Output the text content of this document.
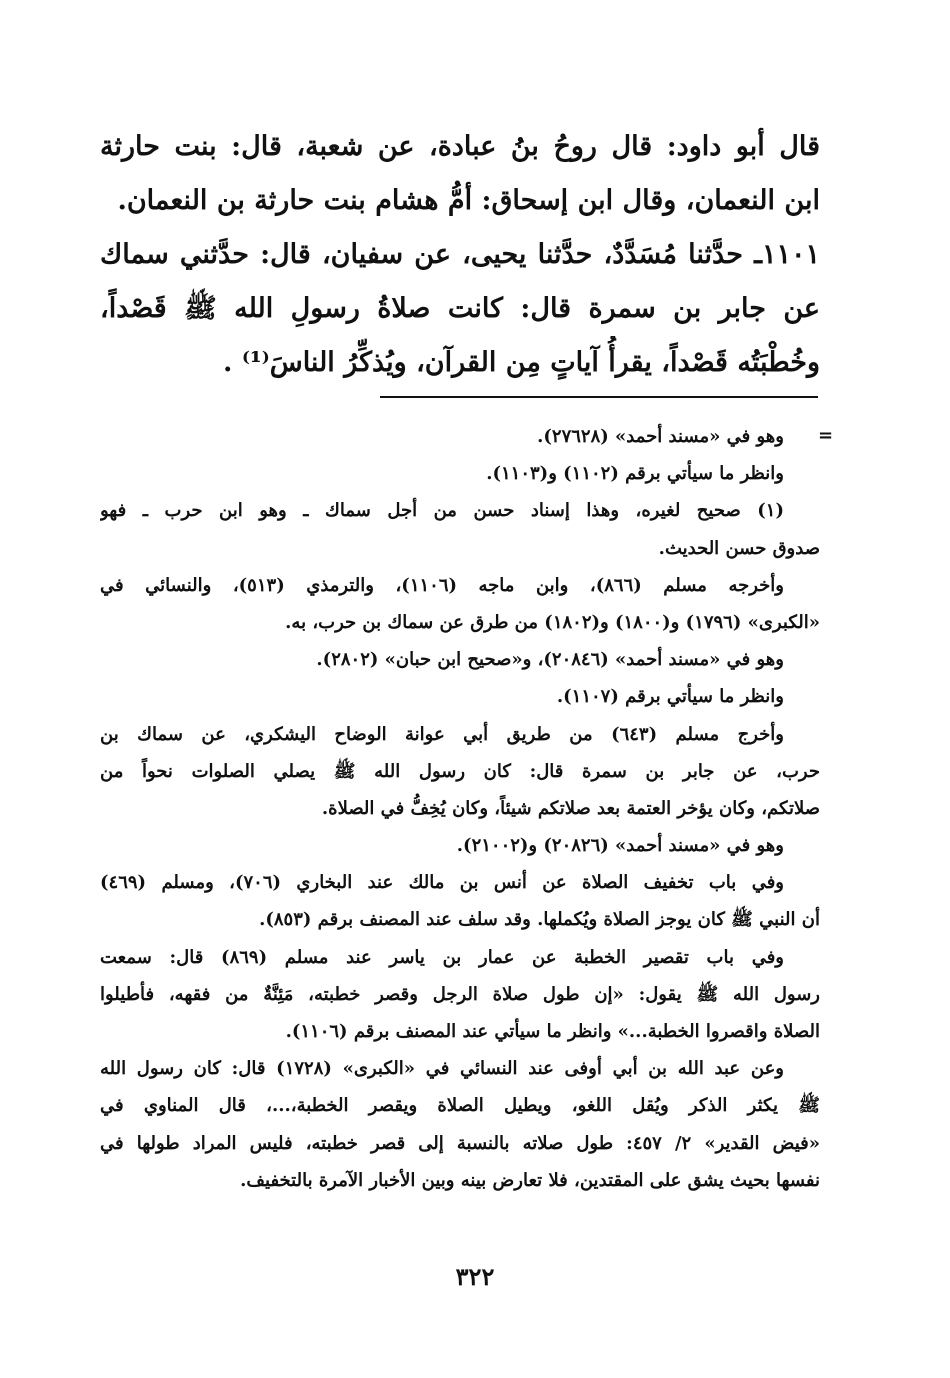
قال أبو داود: قال روحُ بنُ عبادة، عن شعبة، قال: بنت حارثة
ابن النعمان، وقال ابن إسحاق: أمُّ هشام بنت حارثة بن النعمان.
١١٠١ـ حدَّثنا مُسَدَّدٌ، حدَّثنا يحيى، عن سفيان، قال: حدَّثني سماك
عن جابر بن سمرة قال: كانت صلاةُ رسولِ الله ﷺ قَصْداً،
وخُطْبَتُه قَصْداً، يقرأُ آياتٍ مِن القرآن، ويُذكِّرُ الناسَ⁽¹⁾ .
=
وهو في «مسند أحمد» (٢٧٦٢٨).
وانظر ما سيأتي برقم (١١٠٢) و(١١٠٣).
(١) صحيح لغيره، وهذا إسناد حسن من أجل سماك ـ وهو ابن حرب ـ فهو
صدوق حسن الحديث.
وأخرجه مسلم (٨٦٦)، وابن ماجه (١١٠٦)، والترمذي (٥١٣)، والنسائي في
«الكبرى» (١٧٩٦) و(١٨٠٠) و(١٨٠٢) من طرق عن سماك بن حرب، به.
وهو في «مسند أحمد» (٢٠٨٤٦)، و«صحيح ابن حبان» (٢٨٠٢).
وانظر ما سيأتي برقم (١١٠٧).
وأخرج مسلم (٦٤٣) من طريق أبي عوانة الوضاح اليشكري، عن سماك بن
حرب، عن جابر بن سمرة قال: كان رسول الله ﷺ يصلي الصلوات نحواً من
صلاتكم، وكان يؤخر العتمة بعد صلاتكم شيئاً، وكان يُخِفُّ في الصلاة.
وهو في «مسند أحمد» (٢٠٨٢٦) و(٢١٠٠٢).
وفي باب تخفيف الصلاة عن أنس بن مالك عند البخاري (٧٠٦)، ومسلم (٤٦٩)
أن النبي ﷺ كان يوجز الصلاة ويُكملها. وقد سلف عند المصنف برقم (٨٥٣).
وفي باب تقصير الخطبة عن عمار بن ياسر عند مسلم (٨٦٩) قال: سمعت
رسول الله ﷺ يقول: «إن طول صلاة الرجل وقصر خطبته، مَئِنَّةٌ من فقهه، فأطيلوا
الصلاة واقصروا الخطبة...» وانظر ما سيأتي عند المصنف برقم (١١٠٦).
وعن عبد الله بن أبي أوفى عند النسائي في «الكبرى» (١٧٢٨) قال: كان رسول الله
ﷺ يكثر الذكر ويُقل اللغو، ويطيل الصلاة ويقصر الخطبة،...، قال المناوي في
«فيض القدير» ٢/ ٤٥٧: طول صلاته بالنسبة إلى قصر خطبته، فليس المراد طولها في
نفسها بحيث يشق على المقتدين، فلا تعارض بينه وبين الأخبار الآمرة بالتخفيف.
٣٢٢
